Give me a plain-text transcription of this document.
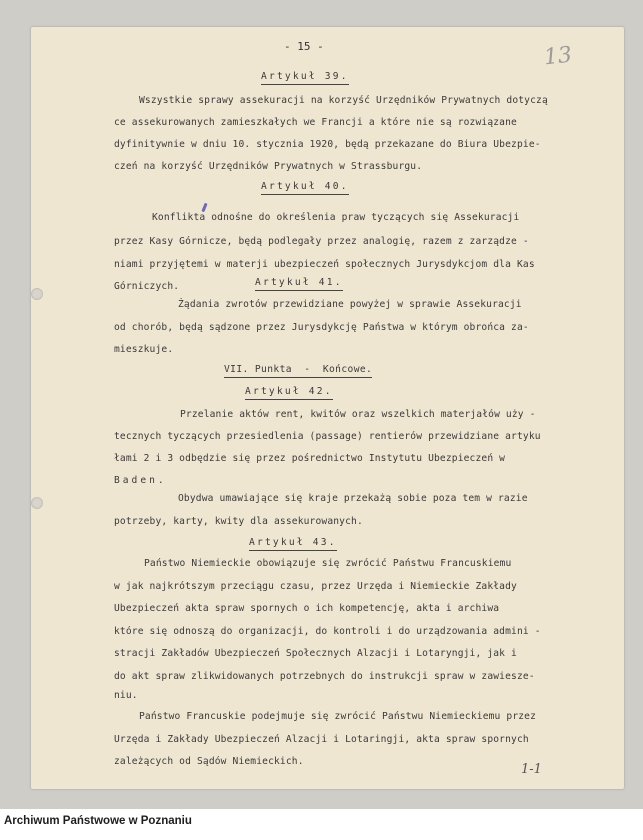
- 15 -	13
Artykuł 39.
Wszystkie sprawy assekuracji na korzyść Urzędników Prywatnych dotyczą
ce assekurowanych zamieszkałych we Francji a które nie są rozwiązane
dyfinitywnie w dniu 10. stycznia 1920, będą przekazane do Biura Ubezpie-
czeń na korzyść Urzędników Prywatnych w Strassburgu.
Artykuł 40.
Konflikta odnośne do określenia praw tyczących się Assekuracji
przez Kasy Górnicze, będą podlegały przez analogię, razem z zarządze -
niami przyjętemi w materji ubezpieczeń społecznych Jurysdykcjom dla Kas
Górniczych.	Artykuł 41.
Żądania zwrotów przewidziane powyżej w sprawie Assekuracji
od chorób, będą sądzone przez Jurysdykcję Państwa w którym obrońca za-
mieszkuje.
VII. Punkta  -  Końcowe.
Artykuł 42.
Przelanie aktów rent, kwitów oraz wszelkich materjałów uży -
tecznych tyczących przesiedlenia (passage) rentierów przewidziane artyku
łami 2 i 3 odbędzie się przez pośrednictwo Instytutu Ubezpieczeń w
Baden.
Obydwa umawiające się kraje przekażą sobie poza tem w razie
potrzeby, karty, kwity dla assekurowanych.
Artykuł 43.
Państwo Niemieckie obowiązuje się zwrócić Państwu Francuskiemu
w jak najkrótszym przeciągu czasu, przez Urzęda i Niemieckie Zakłady
Ubezpieczeń akta spraw spornych o ich kompetencję, akta i archiwa
które się odnoszą do organizacji, do kontroli i do urządzowania admini -
stracji Zakładów Ubezpieczeń Społecznych Alzacji i Lotaryngji, jak i
do akt spraw zlikwidowanych potrzebnych do instrukcji spraw w zawiesze-
niu.
Państwo Francuskie podejmuje się zwrócić Państwu Niemieckiemu przez
Urzęda i Zakłady Ubezpieczeń Alzacji i Lotaringji, akta spraw spornych
zależących od Sądów Niemieckich.
1-1
Archiwum Państwowe w Poznaniu
